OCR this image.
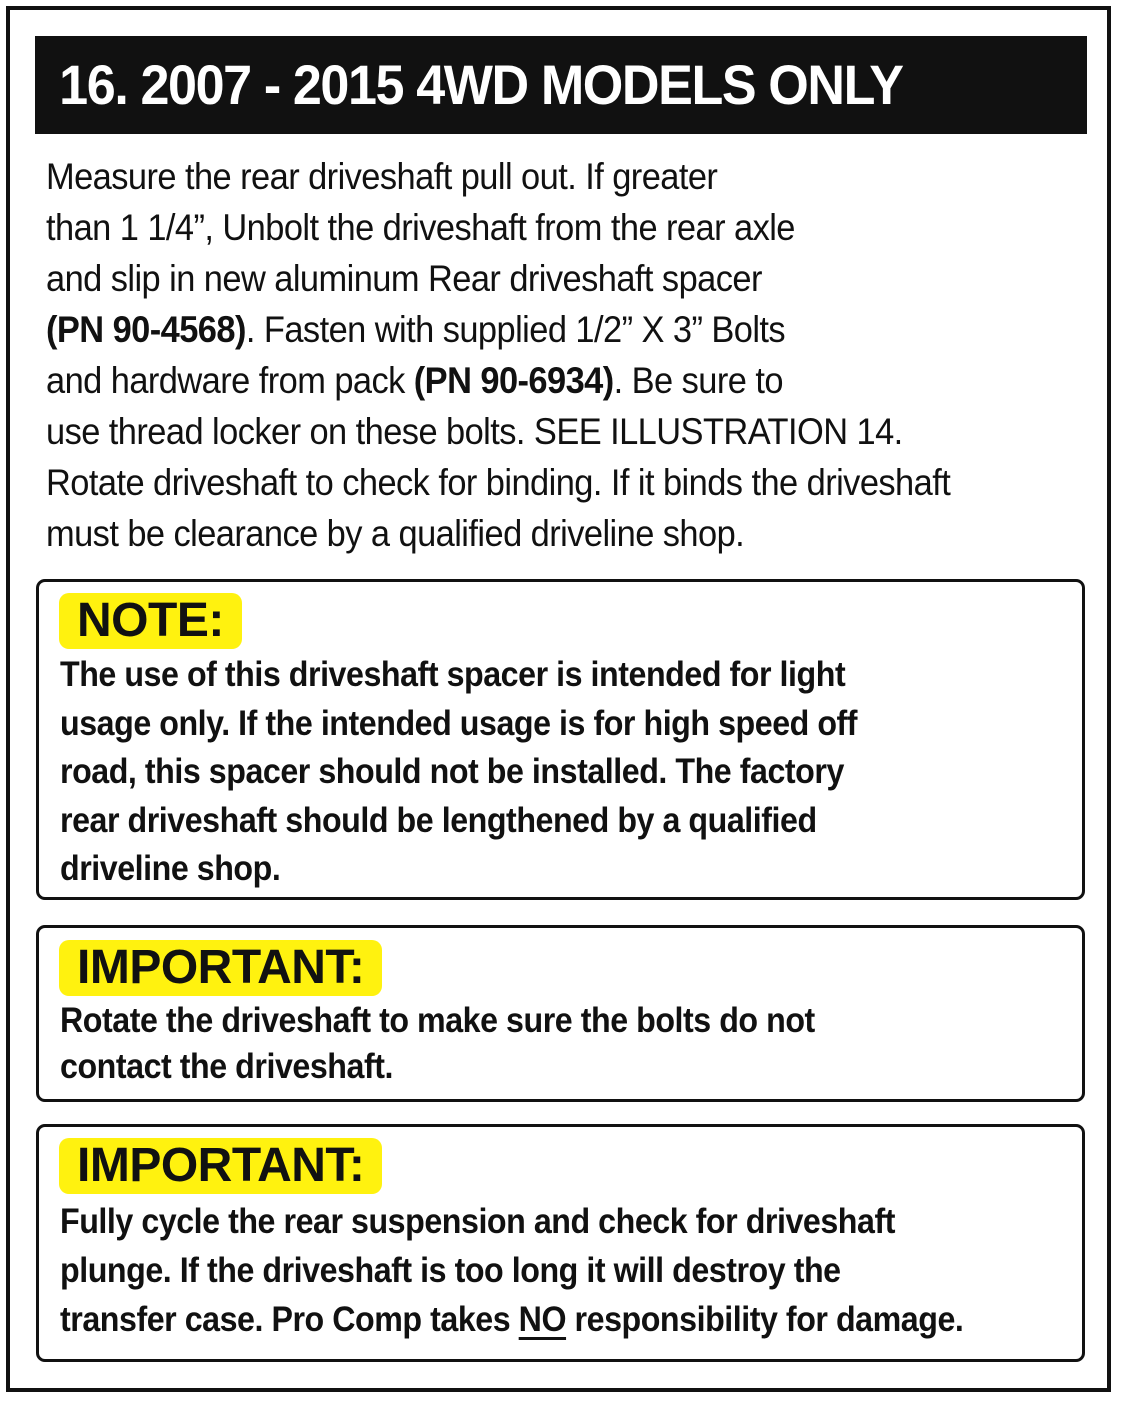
16. 2007 - 2015 4WD MODELS ONLY
Measure the rear driveshaft pull out. If greater
than 1 1/4”, Unbolt the driveshaft from the rear axle
and slip in new aluminum Rear driveshaft spacer
(PN 90-4568). Fasten with supplied 1/2” X 3” Bolts
and hardware from pack (PN 90-6934). Be sure to
use thread locker on these bolts. SEE ILLUSTRATION 14.
Rotate driveshaft to check for binding. If it binds the driveshaft
must be clearance by a qualified driveline shop.
NOTE:
The use of this driveshaft spacer is intended for light
usage only. If the intended usage is for high speed off
road, this spacer should not be installed. The factory
rear driveshaft should be lengthened by a qualified
driveline shop.
IMPORTANT:
Rotate the driveshaft to make sure the bolts do not
contact the driveshaft.
IMPORTANT:
Fully cycle the rear suspension and check for driveshaft
plunge. If the driveshaft is too long it will destroy the
transfer case. Pro Comp takes NO responsibility for damage.
